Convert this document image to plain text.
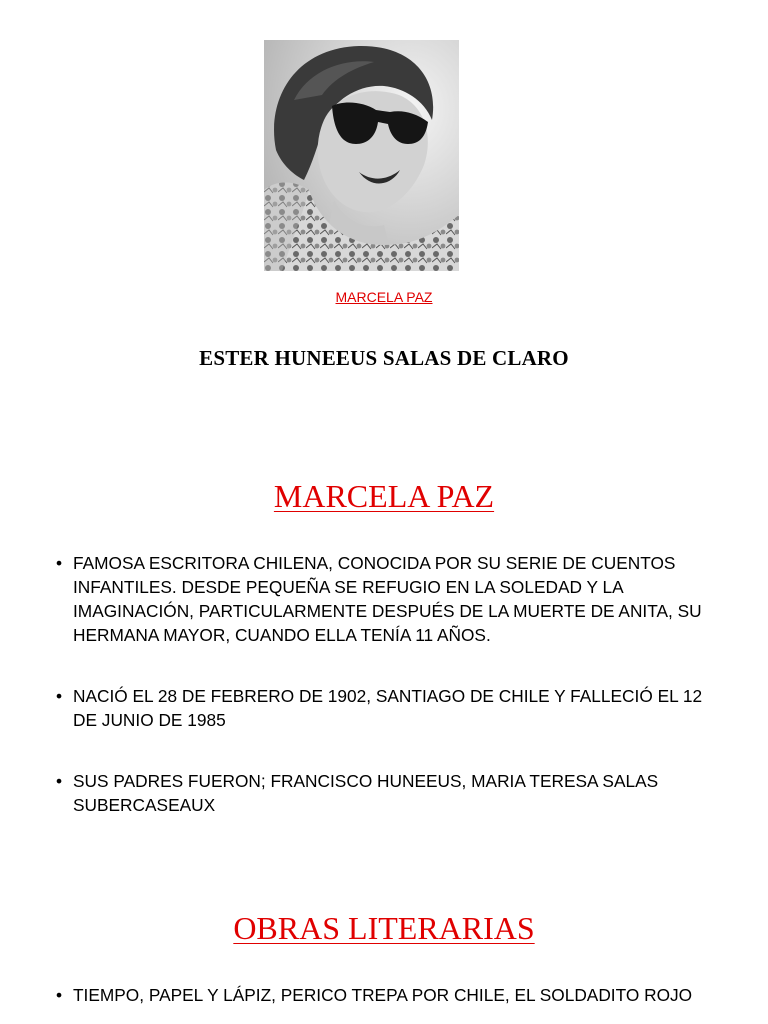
MARCELA PAZ
ESTER HUNEEUS SALAS DE CLARO
MARCELA PAZ
• FAMOSA ESCRITORA CHILENA, CONOCIDA POR SU SERIE DE CUENTOS INFANTILES. DESDE PEQUEÑA SE REFUGIO EN LA SOLEDAD Y LA IMAGINACIÓN, PARTICULARMENTE DESPUÉS DE LA MUERTE DE ANITA, SU HERMANA MAYOR, CUANDO ELLA TENÍA 11 AÑOS.
• NACIÓ EL 28 DE FEBRERO DE 1902, SANTIAGO DE CHILE Y FALLECIÓ EL 12 DE JUNIO DE 1985
• SUS PADRES FUERON; FRANCISCO HUNEEUS, MARIA TERESA SALAS SUBERCASEAUX
OBRAS LITERARIAS
• TIEMPO, PAPEL Y LÁPIZ, PERICO TREPA POR CHILE, EL SOLDADITO ROJO
